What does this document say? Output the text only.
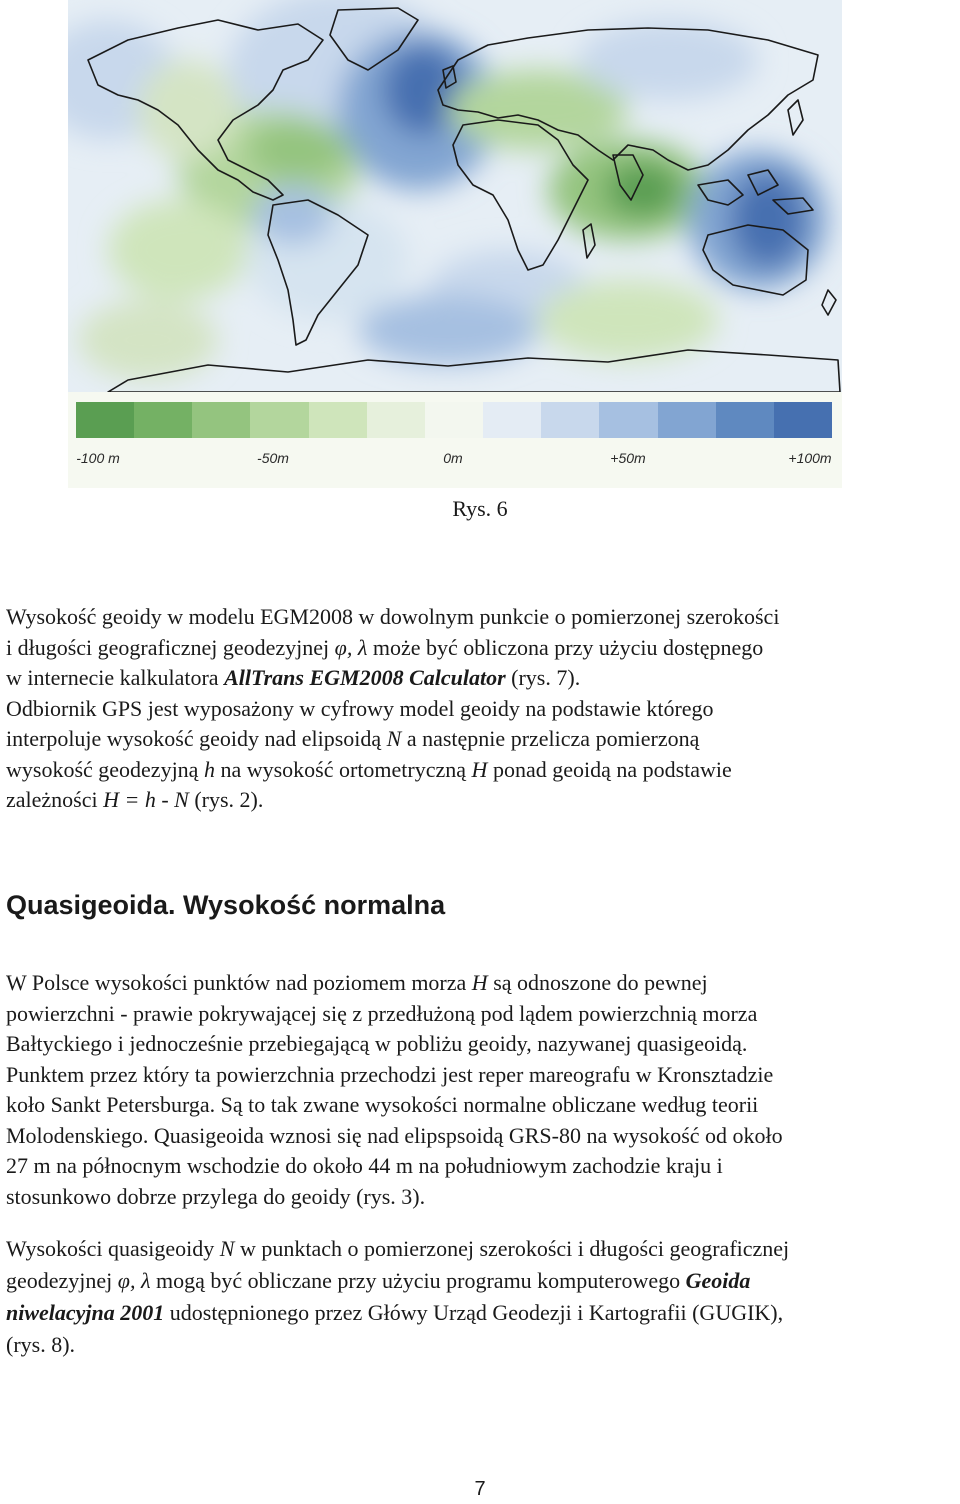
-100 m	-50m	0m	+50m	+100m
Rys. 6

Wysokość geoidy w modelu EGM2008 w dowolnym punkcie o pomierzonej szerokości
i długości geograficznej geodezyjnej φ, λ może być obliczona przy użyciu dostępnego
w internecie kalkulatora AllTrans EGM2008 Calculator (rys. 7).
Odbiornik GPS jest wyposażony w cyfrowy model geoidy na podstawie którego
interpoluje wysokość geoidy nad elipsoidą N a następnie przelicza pomierzoną
wysokość geodezyjną h na wysokość ortometryczną H ponad geoidą na podstawie
zależności H = h - N (rys. 2).

Quasigeoida. Wysokość normalna

W Polsce wysokości punktów nad poziomem morza H są odnoszone do pewnej
powierzchni - prawie pokrywającej się z przedłużoną pod lądem powierzchnią morza
Bałtyckiego i jednocześnie przebiegającą w pobliżu geoidy, nazywanej quasigeoidą.
Punktem przez który ta powierzchnia przechodzi jest reper mareografu w Kronsztadzie
koło Sankt Petersburga. Są to tak zwane wysokości normalne obliczane według teorii
Molodenskiego. Quasigeoida wznosi się nad elipspsoidą GRS-80 na wysokość od około
27 m na północnym wschodzie do około 44 m na południowym zachodzie kraju i
stosunkowo dobrze przylega do geoidy (rys. 3).

Wysokości quasigeoidy N w punktach o pomierzonej szerokości i długości geograficznej
geodezyjnej φ, λ mogą być obliczane przy użyciu programu komputerowego Geoida
niwelacyjna 2001 udostępnionego przez Główy Urząd Geodezji i Kartografii (GUGIK),
(rys. 8).

7
